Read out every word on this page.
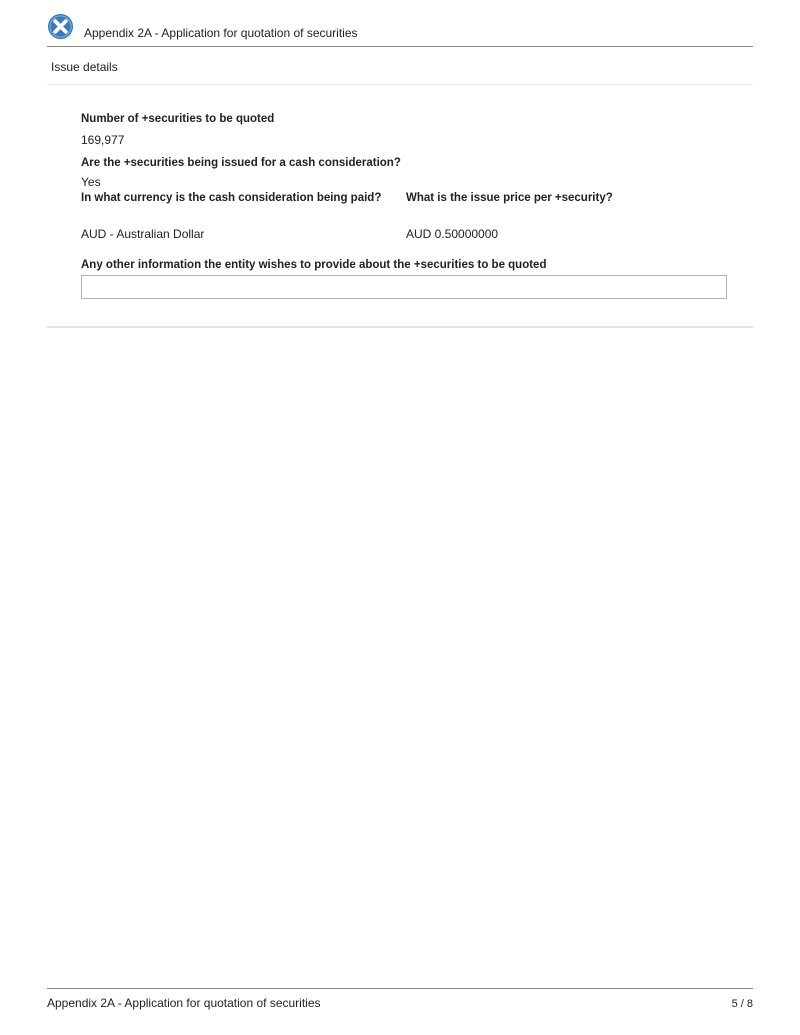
Appendix 2A - Application for quotation of securities
Issue details
Number of +securities to be quoted
169,977
Are the +securities being issued for a cash consideration?
Yes
In what currency is the cash consideration being paid? What is the issue price per +security?
AUD - Australian Dollar	AUD 0.50000000
Any other information the entity wishes to provide about the +securities to be quoted
Appendix 2A - Application for quotation of securities	5 / 8
